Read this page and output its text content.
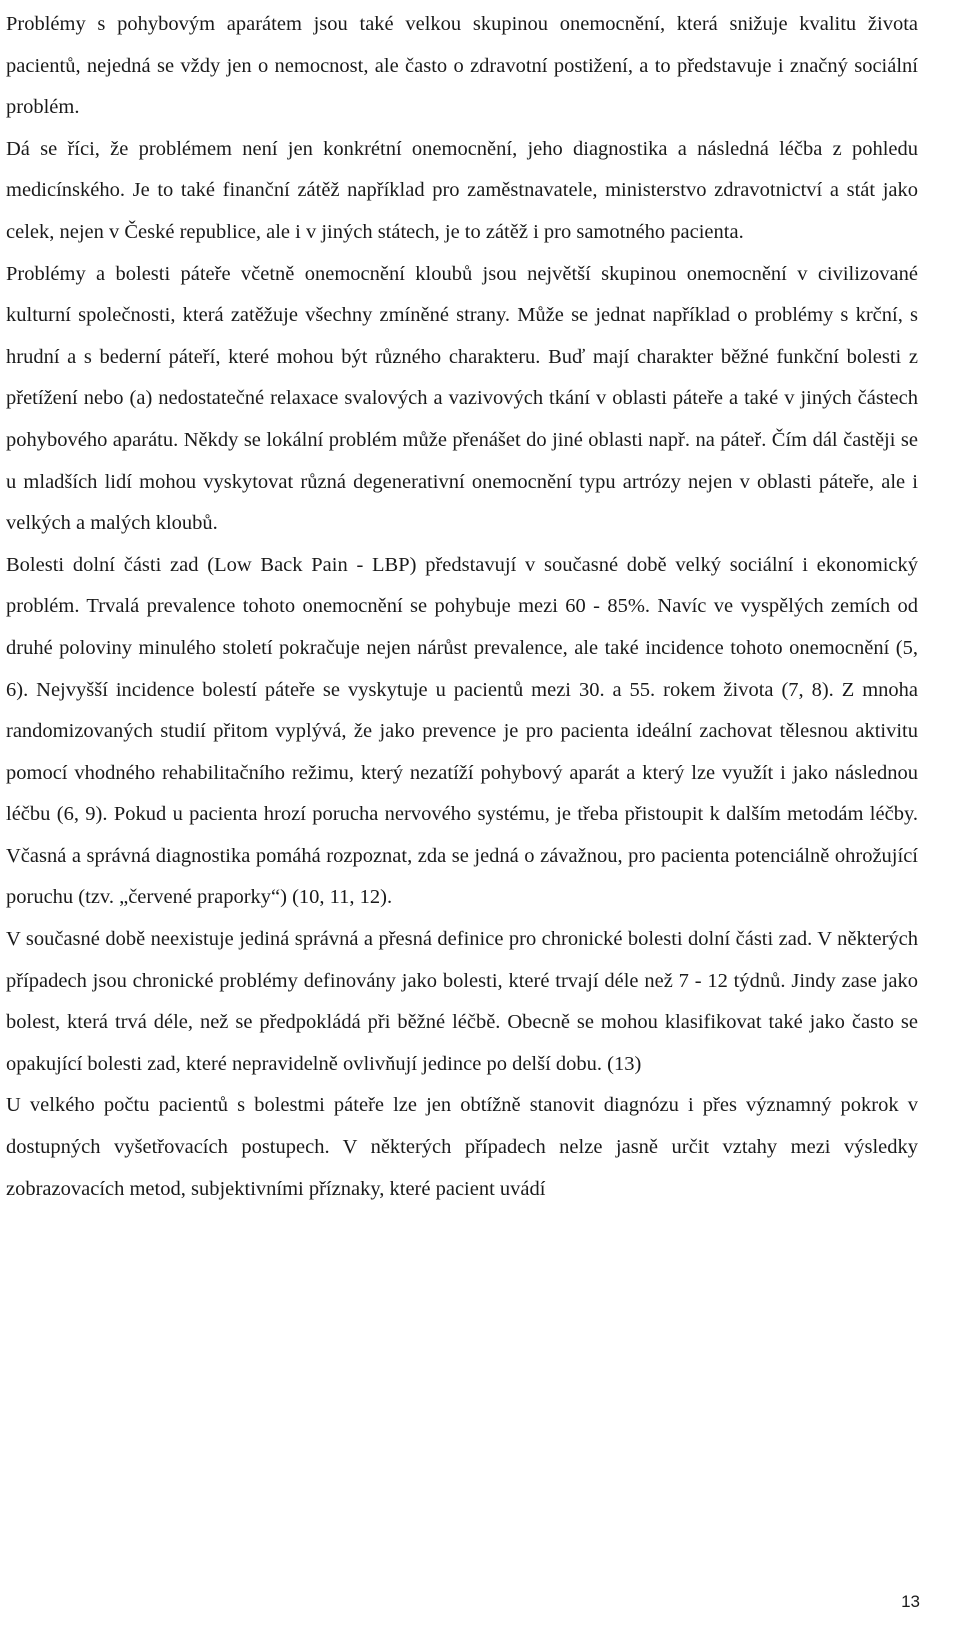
Problémy s pohybovým aparátem jsou také velkou skupinou onemocnění, která snižuje kvalitu života pacientů, nejedná se vždy jen o nemocnost, ale často o zdravotní postižení, a to představuje i značný sociální problém.

Dá se říci, že problémem není jen konkrétní onemocnění, jeho diagnostika a následná léčba z pohledu medicínského. Je to také finanční zátěž například pro zaměstnavatele, ministerstvo zdravotnictví a stát jako celek, nejen v České republice, ale i v jiných státech, je to zátěž i pro samotného pacienta.

Problémy a bolesti páteře včetně onemocnění kloubů jsou největší skupinou onemocnění v civilizované kulturní společnosti, která zatěžuje všechny zmíněné strany. Může se jednat například o problémy s krční, s hrudní a s bederní páteří, které mohou být různého charakteru. Buď mají charakter běžné funkční bolesti z přetížení nebo (a) nedostatečné relaxace svalových a vazivových tkání v oblasti páteře a také v jiných částech pohybového aparátu. Někdy se lokální problém může přenášet do jiné oblasti např. na páteř. Čím dál častěji se u mladších lidí mohou vyskytovat různá degenerativní onemocnění typu artrózy nejen v oblasti páteře, ale i velkých a malých kloubů.

Bolesti dolní části zad (Low Back Pain - LBP) představují v současné době velký sociální i ekonomický problém. Trvalá prevalence tohoto onemocnění se pohybuje mezi 60 - 85%. Navíc ve vyspělých zemích od druhé poloviny minulého století pokračuje nejen nárůst prevalence, ale také incidence tohoto onemocnění (5, 6). Nejvyšší incidence bolestí páteře se vyskytuje u pacientů mezi 30. a 55. rokem života (7, 8). Z mnoha randomizovaných studií přitom vyplývá, že jako prevence je pro pacienta ideální zachovat tělesnou aktivitu pomocí vhodného rehabilitačního režimu, který nezatíží pohybový aparát a který lze využít i jako následnou léčbu (6, 9). Pokud u pacienta hrozí porucha nervového systému, je třeba přistoupit k dalším metodám léčby. Včasná a správná diagnostika pomáhá rozpoznat, zda se jedná o závažnou, pro pacienta potenciálně ohrožující poruchu (tzv. „červené praporky“) (10, 11, 12).

V současné době neexistuje jediná správná a přesná definice pro chronické bolesti dolní části zad. V některých případech jsou chronické problémy definovány jako bolesti, které trvají déle než 7 - 12 týdnů. Jindy zase jako bolest, která trvá déle, než se předpokládá při běžné léčbě. Obecně se mohou klasifikovat také jako často se opakující bolesti zad, které nepravidelně ovlivňují jedince po delší dobu. (13)

U velkého počtu pacientů s bolestmi páteře lze jen obtížně stanovit diagnózu i přes významný pokrok v dostupných vyšetřovacích postupech. V některých případech nelze jasně určit vztahy mezi výsledky zobrazovacích metod, subjektivními příznaky, které pacient uvádí

13
